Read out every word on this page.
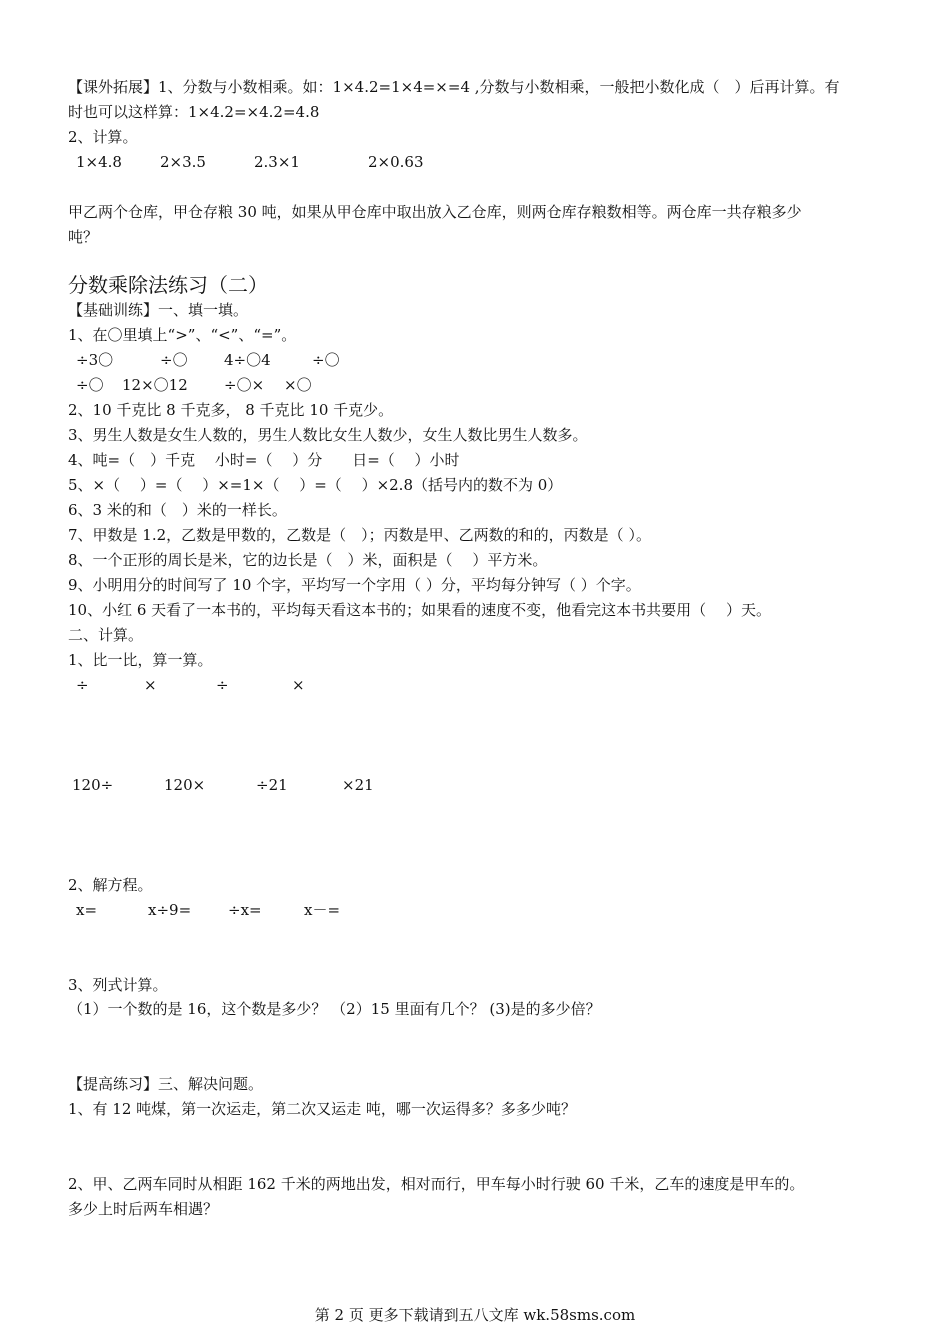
【课外拓展】1、分数与小数相乘。如：1×4.2=1×4=×=4 ,分数与小数相乘，一般把小数化成（　）后再计算。有
时也可以这样算：1×4.2=×4.2=4.8
2、计算。
1×4.8	2×3.5	2.3×1	2×0.63
甲乙两个仓库，甲仓存粮 30 吨，如果从甲仓库中取出放入乙仓库，则两仓库存粮数相等。两仓库一共存粮多少
吨？
分数乘除法练习（二）
【基础训练】一、填一填。
1、在〇里填上“>”、“<”、“=”。
÷3〇	÷〇 4÷〇4	÷〇
÷〇 12×〇12 ÷〇× ×〇
2、10 千克比 8 千克多， 8 千克比 10 千克少。
3、男生人数是女生人数的，男生人数比女生人数少，女生人数比男生人数多。
4、吨=（　）千克　 小时=（　 ）分　　日=（　 ）小时
5、×（　 ）=（　 ）×=1×（　 ）=（　 ）×2.8（括号内的数不为 0）
6、3 米的和（　）米的一样长。
7、甲数是 1.2，乙数是甲数的，乙数是（　）；丙数是甲、乙两数的和的，丙数是（ ）。
8、一个正形的周长是米，它的边长是（　）米，面积是（　 ）平方米。
9、小明用分的时间写了 10 个字，平均写一个字用（ ）分，平均每分钟写（ ）个字。
10、小红 6 天看了一本书的，平均每天看这本书的；如果看的速度不变，他看完这本书共要用（　 ）天。
二、计算。
1、比一比，算一算。
÷	×	÷	×
120÷	120×	÷21	×21
2、解方程。
x=	x÷9= ÷x=	x－=
3、列式计算。
（1）一个数的是 16，这个数是多少？ （2）15 里面有几个？ (3)是的多少倍？
【提高练习】三、解决问题。
1、有 12 吨煤，第一次运走，第二次又运走 吨，哪一次运得多？多多少吨？
2、甲、乙两车同时从相距 162 千米的两地出发，相对而行，甲车每小时行驶 60 千米，乙车的速度是甲车的。
多少上时后两车相遇？
第 2 页 更多下载请到五八文库 wk.58sms.com
